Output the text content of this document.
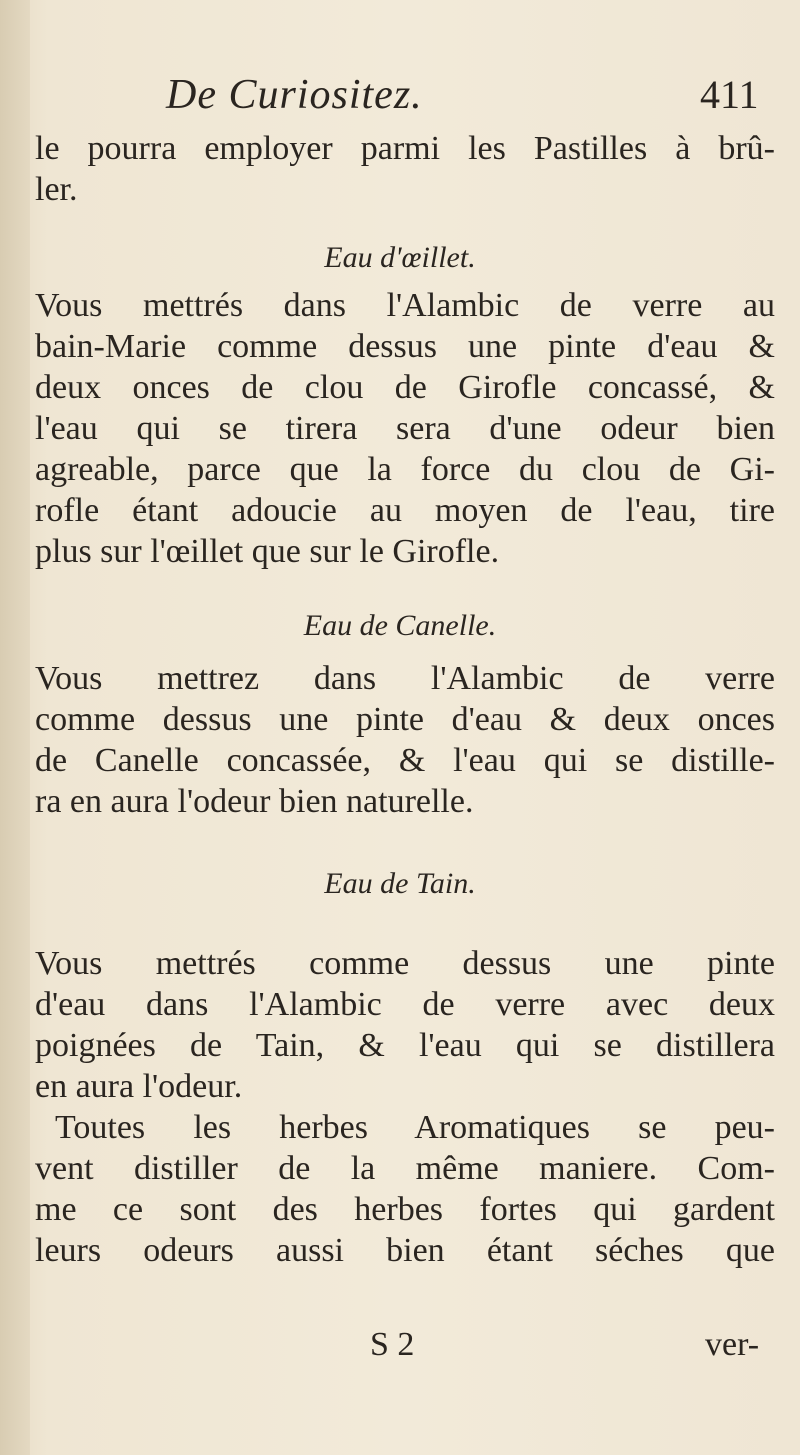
De Curiositez.	411
le pourra employer parmi les Pastilles à brû-
ler.
Eau d'œillet.
Vous mettrés dans l'Alambic de verre au
bain-Marie comme dessus une pinte d'eau &
deux onces de clou de Girofle concassé, &
l'eau qui se tirera sera d'une odeur bien
agreable, parce que la force du clou de Gi-
rofle étant adoucie au moyen de l'eau, tire
plus sur l'œillet que sur le Girofle.
Eau de Canelle.
Vous mettrez dans l'Alambic de verre
comme dessus une pinte d'eau & deux onces
de Canelle concassée, & l'eau qui se distille-
ra en aura l'odeur bien naturelle.
Eau de Tain.
Vous mettrés comme dessus une pinte
d'eau dans l'Alambic de verre avec deux
poignées de Tain, & l'eau qui se distillera
en aura l'odeur.
Toutes les herbes Aromatiques se peu-
vent distiller de la même maniere. Com-
me ce sont des herbes fortes qui gardent
leurs odeurs aussi bien étant séches que
S 2	ver-
